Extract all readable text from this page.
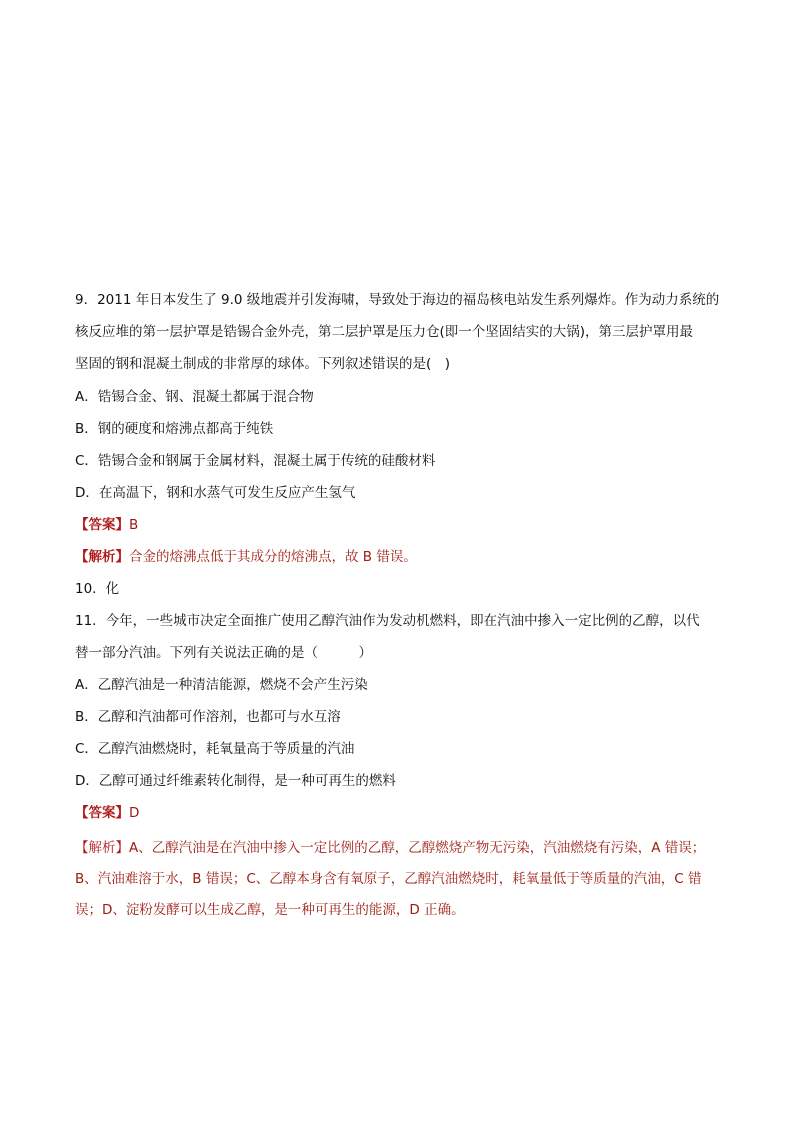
9．2011 年日本发生了 9.0 级地震并引发海啸，导致处于海边的福岛核电站发生系列爆炸。作为动力系统的
核反应堆的第一层护罩是锆锡合金外壳，第二层护罩是压力仓(即一个坚固结实的大锅)，第三层护罩用最
坚固的钢和混凝土制成的非常厚的球体。下列叙述错误的是(　)
A．锆锡合金、钢、混凝土都属于混合物
B．钢的硬度和熔沸点都高于纯铁
C．锆锡合金和钢属于金属材料，混凝土属于传统的硅酸材料
D．在高温下，钢和水蒸气可发生反应产生氢气
【答案】B
【解析】合金的熔沸点低于其成分的熔沸点，故 B 错误。
10．化
11．今年，一些城市决定全面推广使用乙醇汽油作为发动机燃料，即在汽油中掺入一定比例的乙醇，以代
替一部分汽油。下列有关说法正确的是（　　　）
A．乙醇汽油是一种清洁能源，燃烧不会产生污染
B．乙醇和汽油都可作溶剂，也都可与水互溶
C．乙醇汽油燃烧时，耗氧量高于等质量的汽油
D．乙醇可通过纤维素转化制得，是一种可再生的燃料
【答案】D
【解析】A、乙醇汽油是在汽油中掺入一定比例的乙醇，乙醇燃烧产物无污染，汽油燃烧有污染，A 错误；
B、汽油难溶于水，B 错误；C、乙醇本身含有氧原子，乙醇汽油燃烧时，耗氧量低于等质量的汽油，C 错
误；D、淀粉发酵可以生成乙醇，是一种可再生的能源，D 正确。
